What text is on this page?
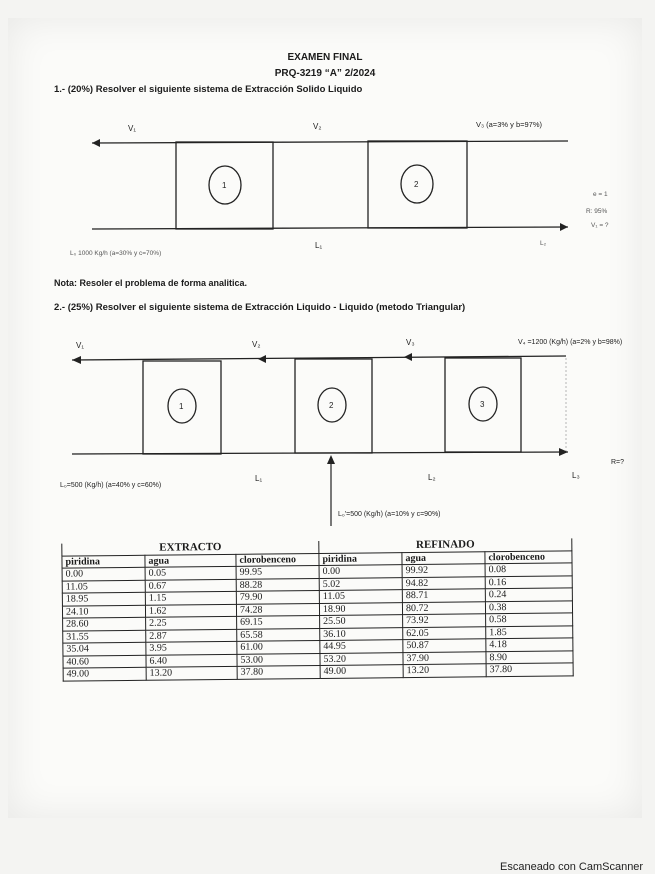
EXAMEN FINAL
PRQ-3219 “A” 2/2024
1.- (20%) Resolver el siguiente sistema de Extracción Solido Liquido
1	2
V₁	V₂	V₃ (a=3% y b=97%)
L₀ 1000 Kg/h (a=30% y c=70%)
L₁	L₂
e = 1
R: 95%
V₁ = ?
1	2	3
V₁	V₂	V₃	V₄ =1200 (Kg/h) (a=2% y b=98%)
L₀=500 (Kg/h) (a=40% y c=60%)
L₁	L₂	L₃
R=?
L₀'=500 (Kg/h) (a=10% y c=90%)
Nota: Resoler el problema de forma analitica.
2.- (25%) Resolver el siguiente sistema de Extracción Liquido - Liquido (metodo Triangular)
EXTRACTO			REFINADO		
piridina	agua	clorobenceno	piridina	agua	clorobenceno
0.00	0.05	99.95	0.00	99.92	0.08
11.05	0.67	88.28	5.02	94.82	0.16
18.95	1.15	79.90	11.05	88.71	0.24
24.10	1.62	74.28	18.90	80.72	0.38
28.60	2.25	69.15	25.50	73.92	0.58
31.55	2.87	65.58	36.10	62.05	1.85
35.04	3.95	61.00	44.95	50.87	4.18
40.60	6.40	53.00	53.20	37.90	8.90
49.00	13.20	37.80	49.00	13.20	37.80
Escaneado con CamScanner
